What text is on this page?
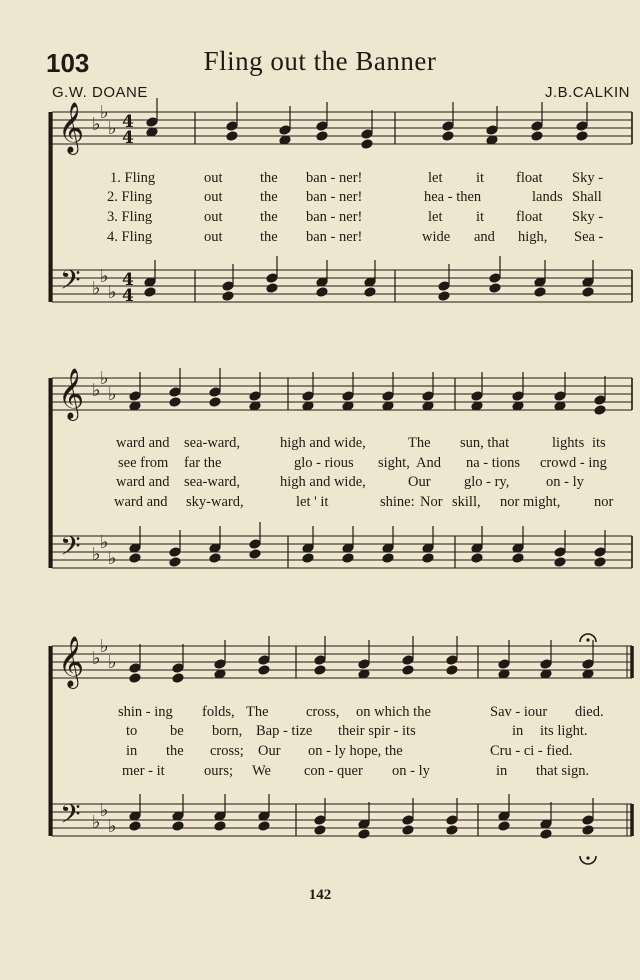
𝄞
𝄢
♭
♭
♭
♭
♭
♭
4
4
4
4
𝄞
𝄢
♭
♭
♭
♭
♭
♭
𝄞
𝄢
♭
♭
♭
♭
♭
♭
103	Fling out the Banner
G.W. DOANE	J.B.CALKIN
1. Fling	out	the ban - ner!	let it float Sky -
2. Fling	out	the ban - ner!	hea - then	lands Shall
3. Fling	out	the ban - ner!	let it float Sky -
4. Fling	out	the ban - ner!	wide and high, Sea -
ward and sea-ward,	high and wide,	The sun, that	lights its
see from far the	glo - rious sight, And na - tions crowd - ing
ward and sea-ward,	high and wide,	Our glo - ry,	on - ly
ward and sky-ward,	let ' it	shine: Nor skill, nor might, nor
shin - ing folds, The	cross, on which the	Sav - iour died.
to be born, Bap - tize their spir - its	in its light.
in the cross; Our on - ly hope, the	Cru - ci - fied.
mer - it	ours; We con - quer on - ly	in that sign.
142
